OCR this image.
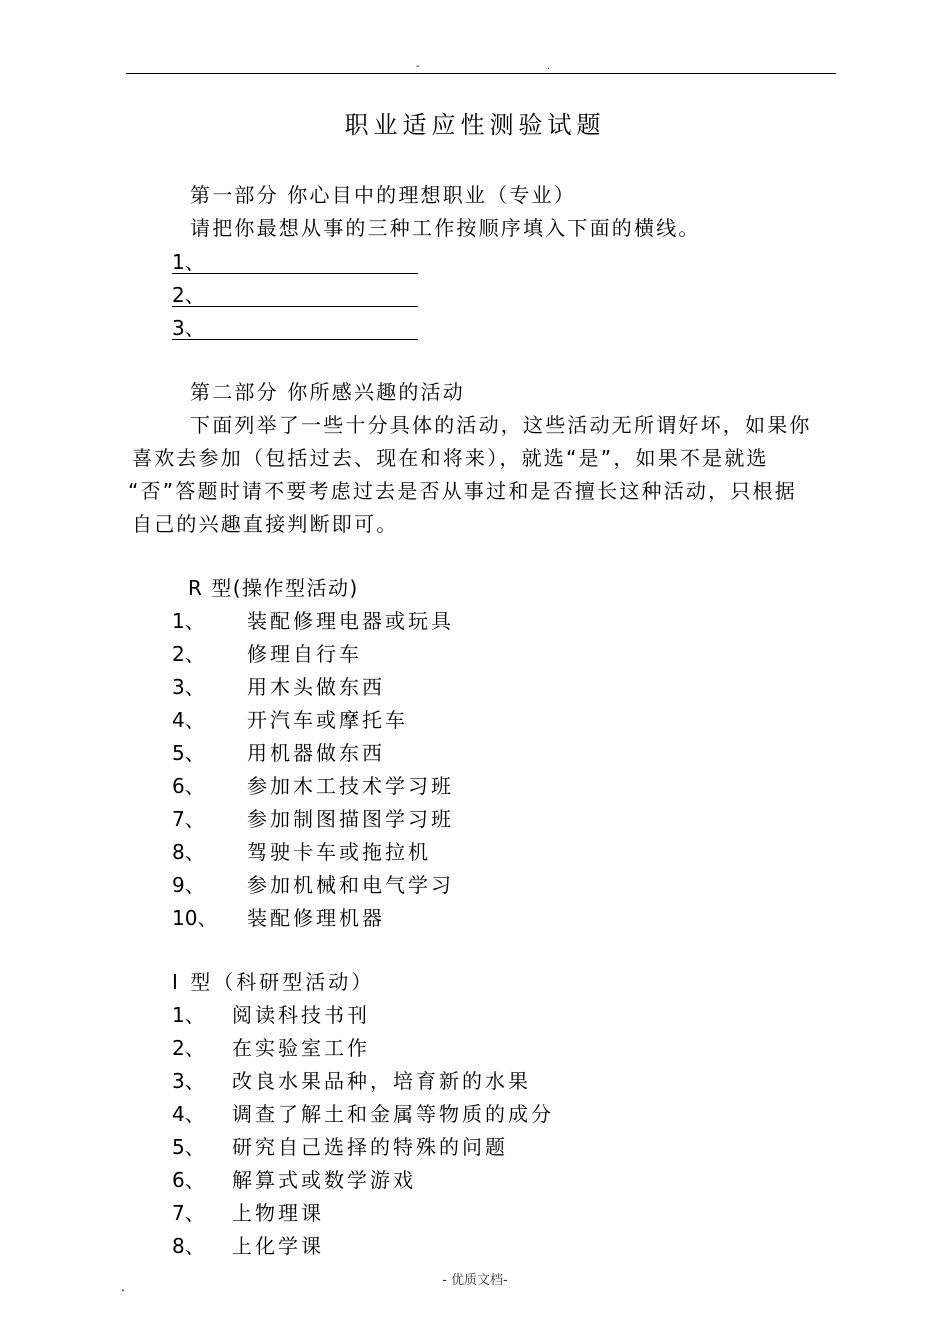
-	.
职业适应性测验试题
第一部分 你心目中的理想职业（专业）
请把你最想从事的三种工作按顺序填入下面的横线。
1、
2、
3、
第二部分 你所感兴趣的活动
下面列举了一些十分具体的活动，这些活动无所谓好坏，如果你
喜欢去参加（包括过去、现在和将来），就选“是”，如果不是就选
“否”答题时请不要考虑过去是否从事过和是否擅长这种活动，只根据
自己的兴趣直接判断即可。
R 型(操作型活动)
1、 装配修理电器或玩具
2、 修理自行车
3、 用木头做东西
4、 开汽车或摩托车
5、 用机器做东西
6、 参加木工技术学习班
7、 参加制图描图学习班
8、 驾驶卡车或拖拉机
9、 参加机械和电气学习
10、 装配修理机器
I 型（科研型活动）
1、 阅读科技书刊
2、 在实验室工作
3、 改良水果品种，培育新的水果
4、 调查了解土和金属等物质的成分
5、 研究自己选择的特殊的问题
6、 解算式或数学游戏
7、 上物理课
8、 上化学课
.	- 优质文档-
